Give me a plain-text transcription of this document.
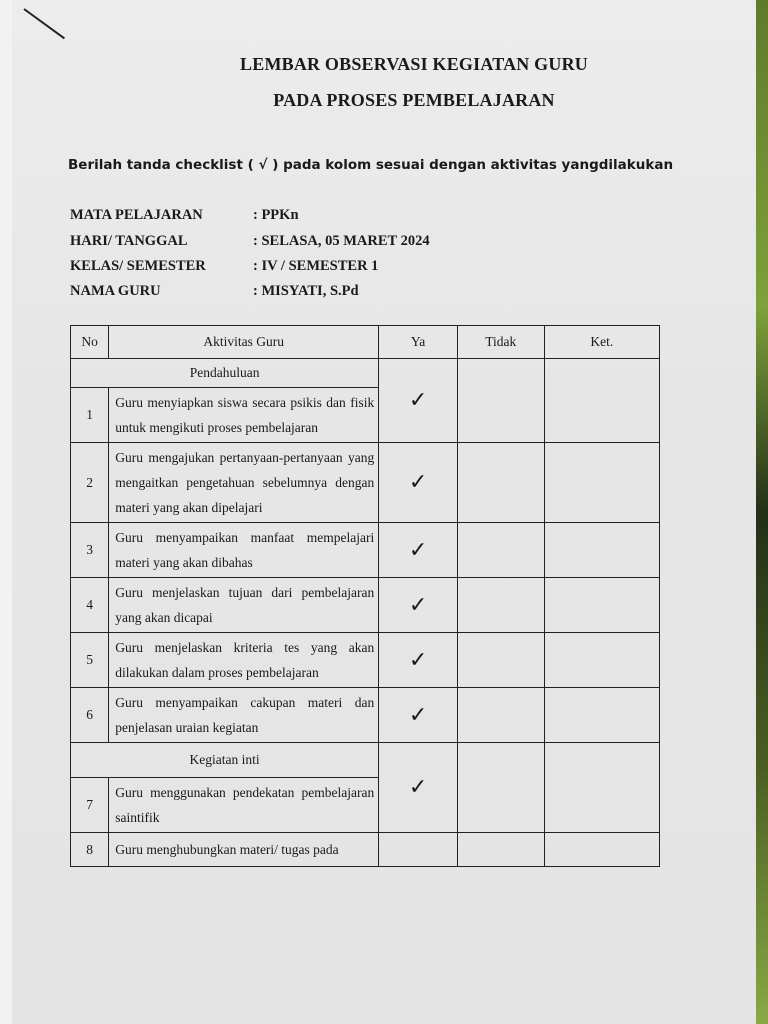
LEMBAR OBSERVASI KEGIATAN GURU
PADA PROSES PEMBELAJARAN
Berilah tanda checklist ( √ ) pada kolom sesuai dengan aktivitas yangdilakukan
MATA PELAJARAN	: PPKn
HARI/ TANGGAL	: SELASA, 05 MARET 2024
KELAS/ SEMESTER	: IV / SEMESTER 1
NAMA GURU	: MISYATI, S.Pd
No	Aktivitas Guru	Ya	Tidak	Ket.
Pendahuluan		✓		
1	Guru menyiapkan siswa secara psikis dan fisik untuk mengikuti proses pembelajaran			
2	Guru mengajukan pertanyaan-pertanyaan yang mengaitkan pengetahuan sebelumnya dengan materi yang akan dipelajari	✓		
3	Guru menyampaikan manfaat mempelajari materi yang akan dibahas	✓		
4	Guru menjelaskan tujuan dari pembelajaran yang akan dicapai	✓		
5	Guru menjelaskan kriteria tes yang akan dilakukan dalam proses pembelajaran	✓		
6	Guru menyampaikan cakupan materi dan penjelasan uraian kegiatan	✓		
Kegiatan inti		✓		
7	Guru menggunakan pendekatan pembelajaran saintifik			
8	Guru menghubungkan materi/ tugas pada			
